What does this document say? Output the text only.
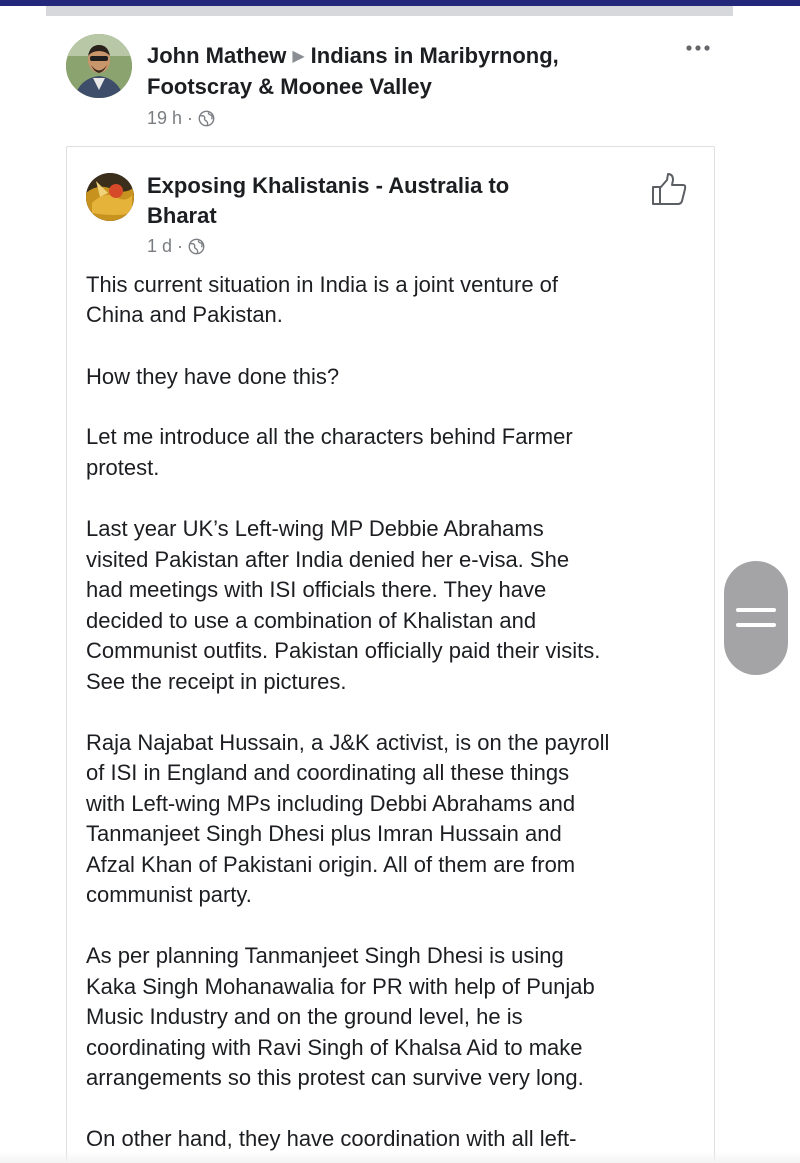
John Mathew ▶ Indians in Maribyrnong,
Footscray & Moonee Valley
19 h ·
Exposing Khalistanis - Australia to
Bharat
1 d ·
This current situation in India is a joint venture of
China and Pakistan.
How they have done this?
Let me introduce all the characters behind Farmer
protest.
Last year UK’s Left-wing MP Debbie Abrahams
visited Pakistan after India denied her e-visa. She
had meetings with ISI officials there. They have
decided to use a combination of Khalistan and
Communist outfits. Pakistan officially paid their visits.
See the receipt in pictures.
Raja Najabat Hussain, a J&K activist, is on the payroll
of ISI in England and coordinating all these things
with Left-wing MPs including Debbi Abrahams and
Tanmanjeet Singh Dhesi plus Imran Hussain and
Afzal Khan of Pakistani origin. All of them are from
communist party.
As per planning Tanmanjeet Singh Dhesi is using
Kaka Singh Mohanawalia for PR with help of Punjab
Music Industry and on the ground level, he is
coordinating with Ravi Singh of Khalsa Aid to make
arrangements so this protest can survive very long.
On other hand, they have coordination with all left-
